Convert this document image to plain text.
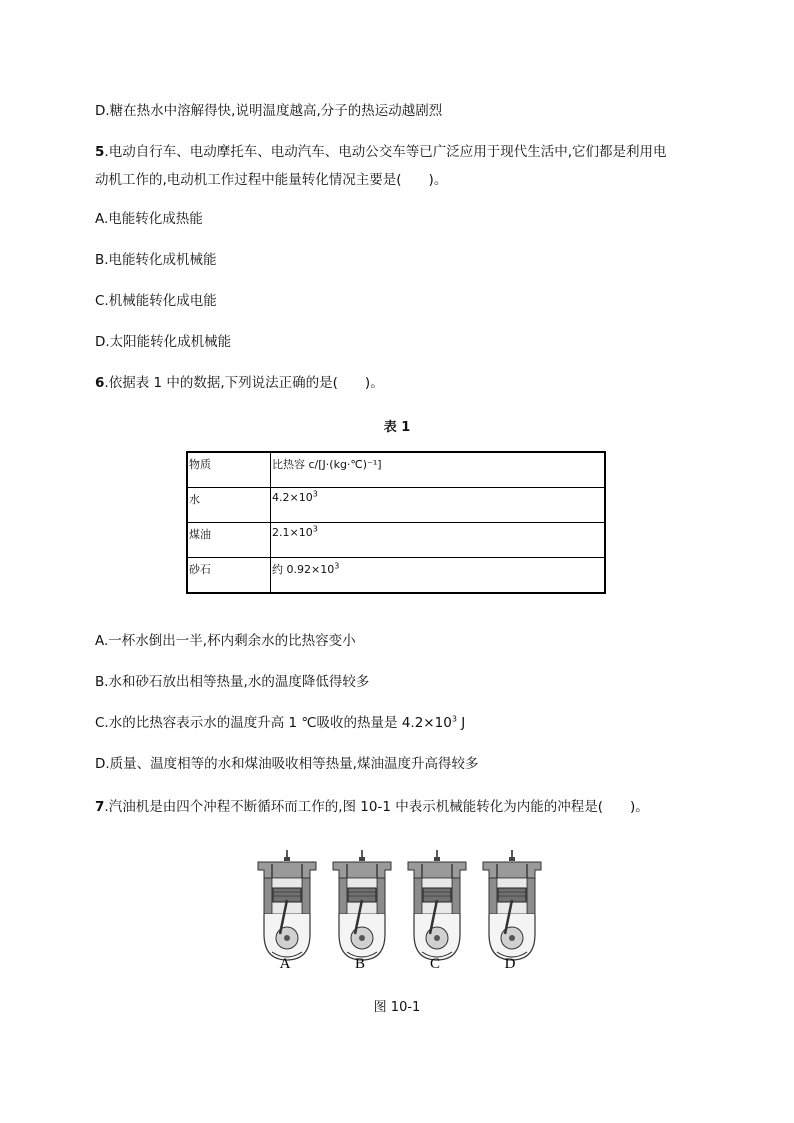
D.糖在热水中溶解得快,说明温度越高,分子的热运动越剧烈
5.电动自行车、电动摩托车、电动汽车、电动公交车等已广泛应用于现代生活中,它们都是利用电
动机工作的,电动机工作过程中能量转化情况主要是(　　)。
A.电能转化成热能
B.电能转化成机械能
C.机械能转化成电能
D.太阳能转化成机械能
6.依据表 1 中的数据,下列说法正确的是(　　)。
表 1
物质	比热容 c/[J·(kg·℃)⁻¹]
水	$4.2\times 10^3$
煤油	$2.1\times 10^3$
砂石	约 $0.92\times 10^3$
A.一杯水倒出一半,杯内剩余水的比热容变小
B.水和砂石放出相等热量,水的温度降低得较多
C.水的比热容表示水的温度升高 1 ℃吸收的热量是 $4.2\times 10^3$ J
D.质量、温度相等的水和煤油吸收相等热量,煤油温度升高得较多
7.汽油机是由四个冲程不断循环而工作的,图 10-1 中表示机械能转化为内能的冲程是(　　)。
A	B	C	D
图 10-1
